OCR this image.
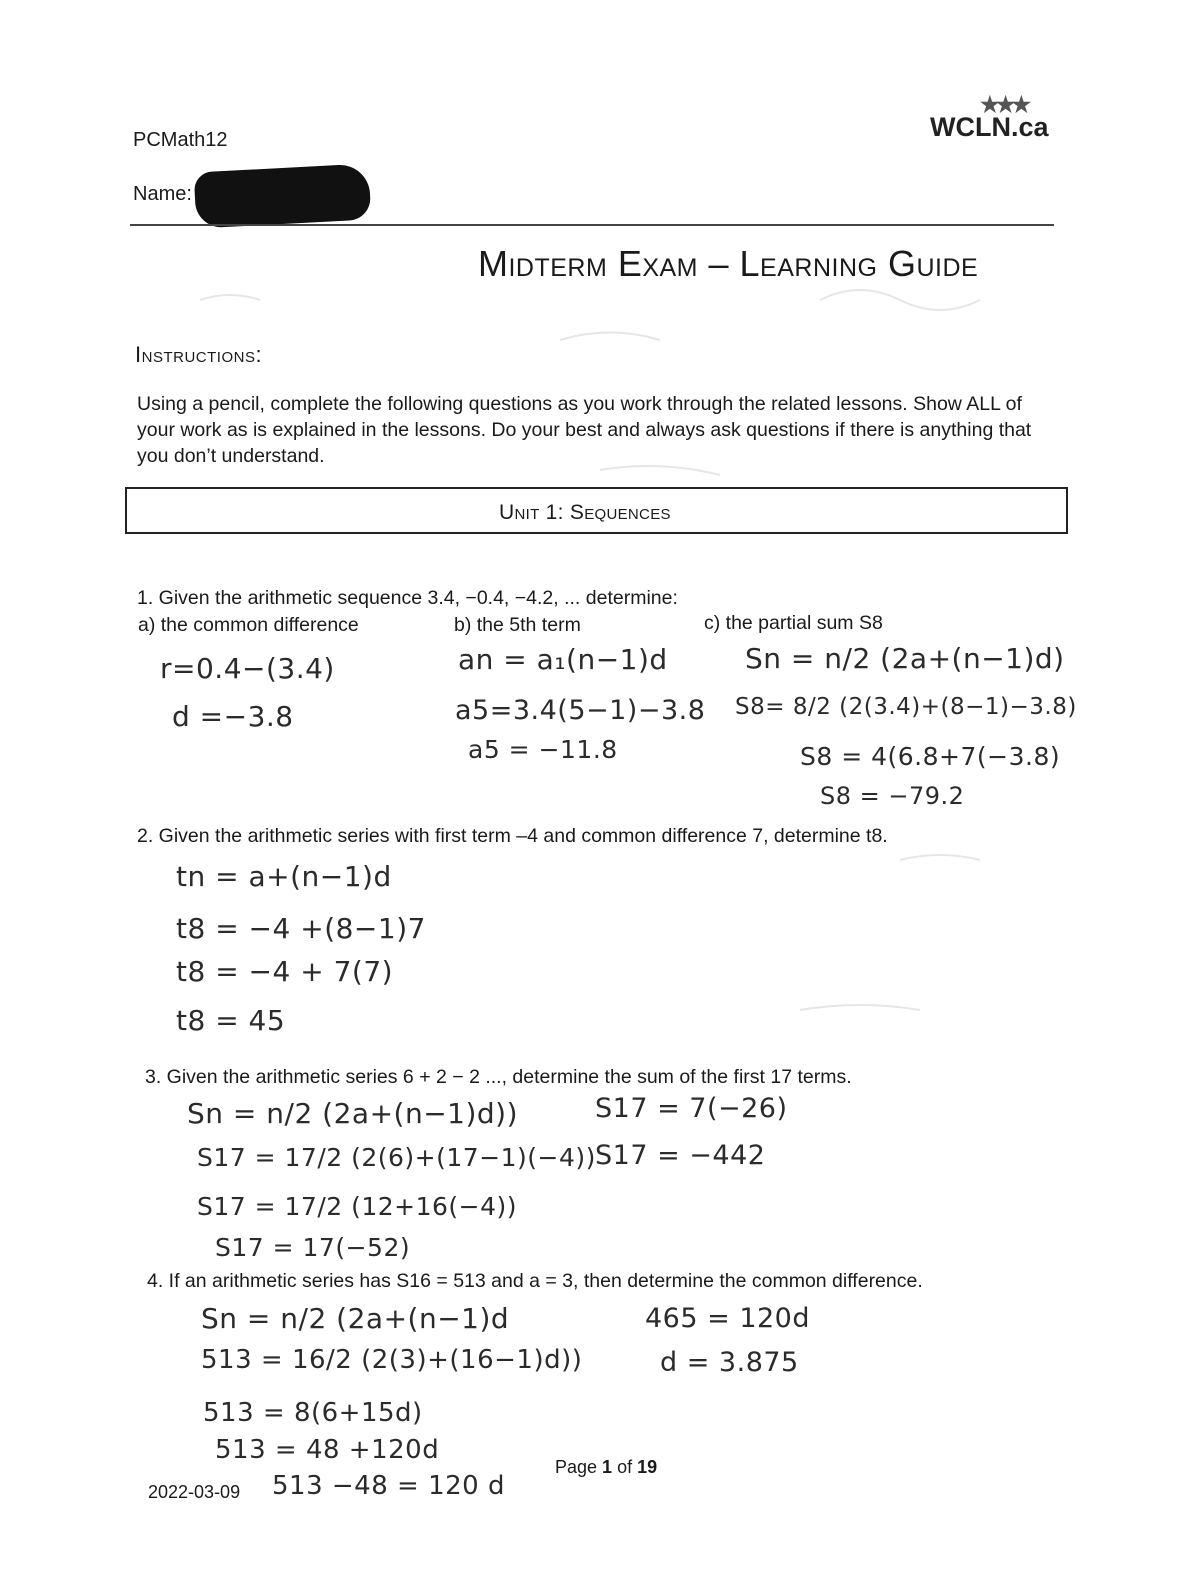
PCMath12
★★★
WCLN.ca
Name:
Midterm Exam – Learning Guide
Instructions:
Using a pencil, complete the following questions as you work through the related lessons. Show ALL of
your work as is explained in the lessons. Do your best and always ask questions if there is anything that
you don’t understand.
Unit 1: Sequences
1. Given the arithmetic sequence 3.4, −0.4, −4.2, ... determine:
a) the common difference	b) the 5th term	c) the partial sum S8
r=0.4−(3.4)
d =−3.8
an = a₁(n−1)d
a5=3.4(5−1)−3.8
a5 = −11.8
Sn = n/2 (2a+(n−1)d)
S8= 8/2 (2(3.4)+(8−1)−3.8)
S8 = 4(6.8+7(−3.8)
S8 = −79.2
2. Given the arithmetic series with first term –4 and common difference 7, determine t8.
tn = a+(n−1)d
t8 = −4 +(8−1)7
t8 = −4 + 7(7)
t8 = 45
3. Given the arithmetic series 6 + 2 − 2 ..., determine the sum of the first 17 terms.
Sn = n/2 (2a+(n−1)d))
S17 = 17/2 (2(6)+(17−1)(−4))
S17 = 17/2 (12+16(−4))
S17 = 17(−52)
S17 = 7(−26)
S17 = −442
4. If an arithmetic series has S16 = 513 and a = 3, then determine the common difference.
Sn = n/2 (2a+(n−1)d
513 = 16/2 (2(3)+(16−1)d))
513 = 8(6+15d)
513 = 48 +120d
513 −48 = 120 d
465 = 120d
d = 3.875
2022-03-09
Page 1 of 19
